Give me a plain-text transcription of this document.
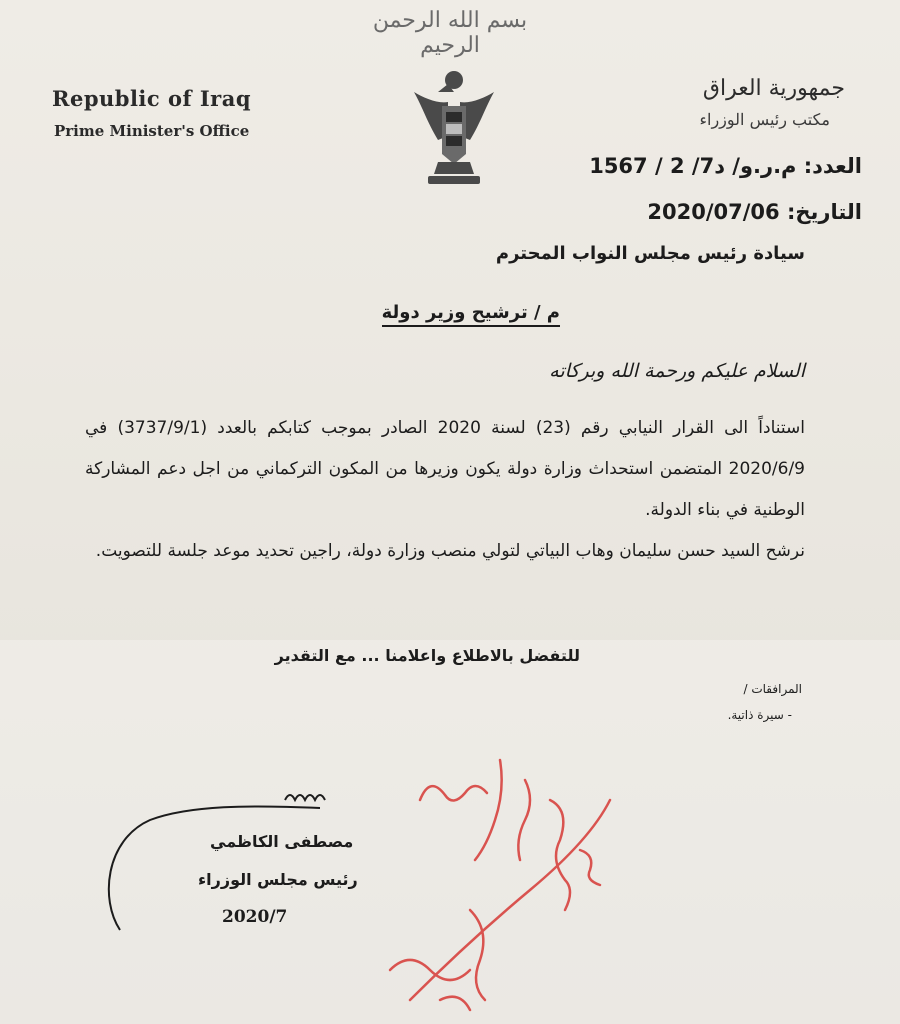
بسم الله الرحمن الرحيم
Republic of Iraq
Prime Minister's Office
جمهورية العراق
مكتب رئيس الوزراء
العدد: م.ر.و/ د7/ 2 / 1567
التاريخ: 2020/07/06
سيادة رئيس مجلس النواب المحترم
م / ترشيح وزير دولة
السلام عليكم ورحمة الله وبركاته

استناداً الى القرار النيابي رقم (23) لسنة 2020 الصادر بموجب كتابكم بالعدد (3737/9/1) في 2020/6/9 المتضمن استحداث وزارة دولة يكون وزيرها من المكون التركماني من اجل دعم المشاركة الوطنية في بناء الدولة.

نرشح السيد حسن سليمان وهاب البياتي لتولي منصب وزارة دولة، راجين تحديد موعد جلسة للتصويت.

للتفضل بالاطلاع واعلامنا ... مع التقدير
المرافقات /
- سيرة ذاتية.
مصطفى الكاظمي
رئيس مجلس الوزراء
2020/7
